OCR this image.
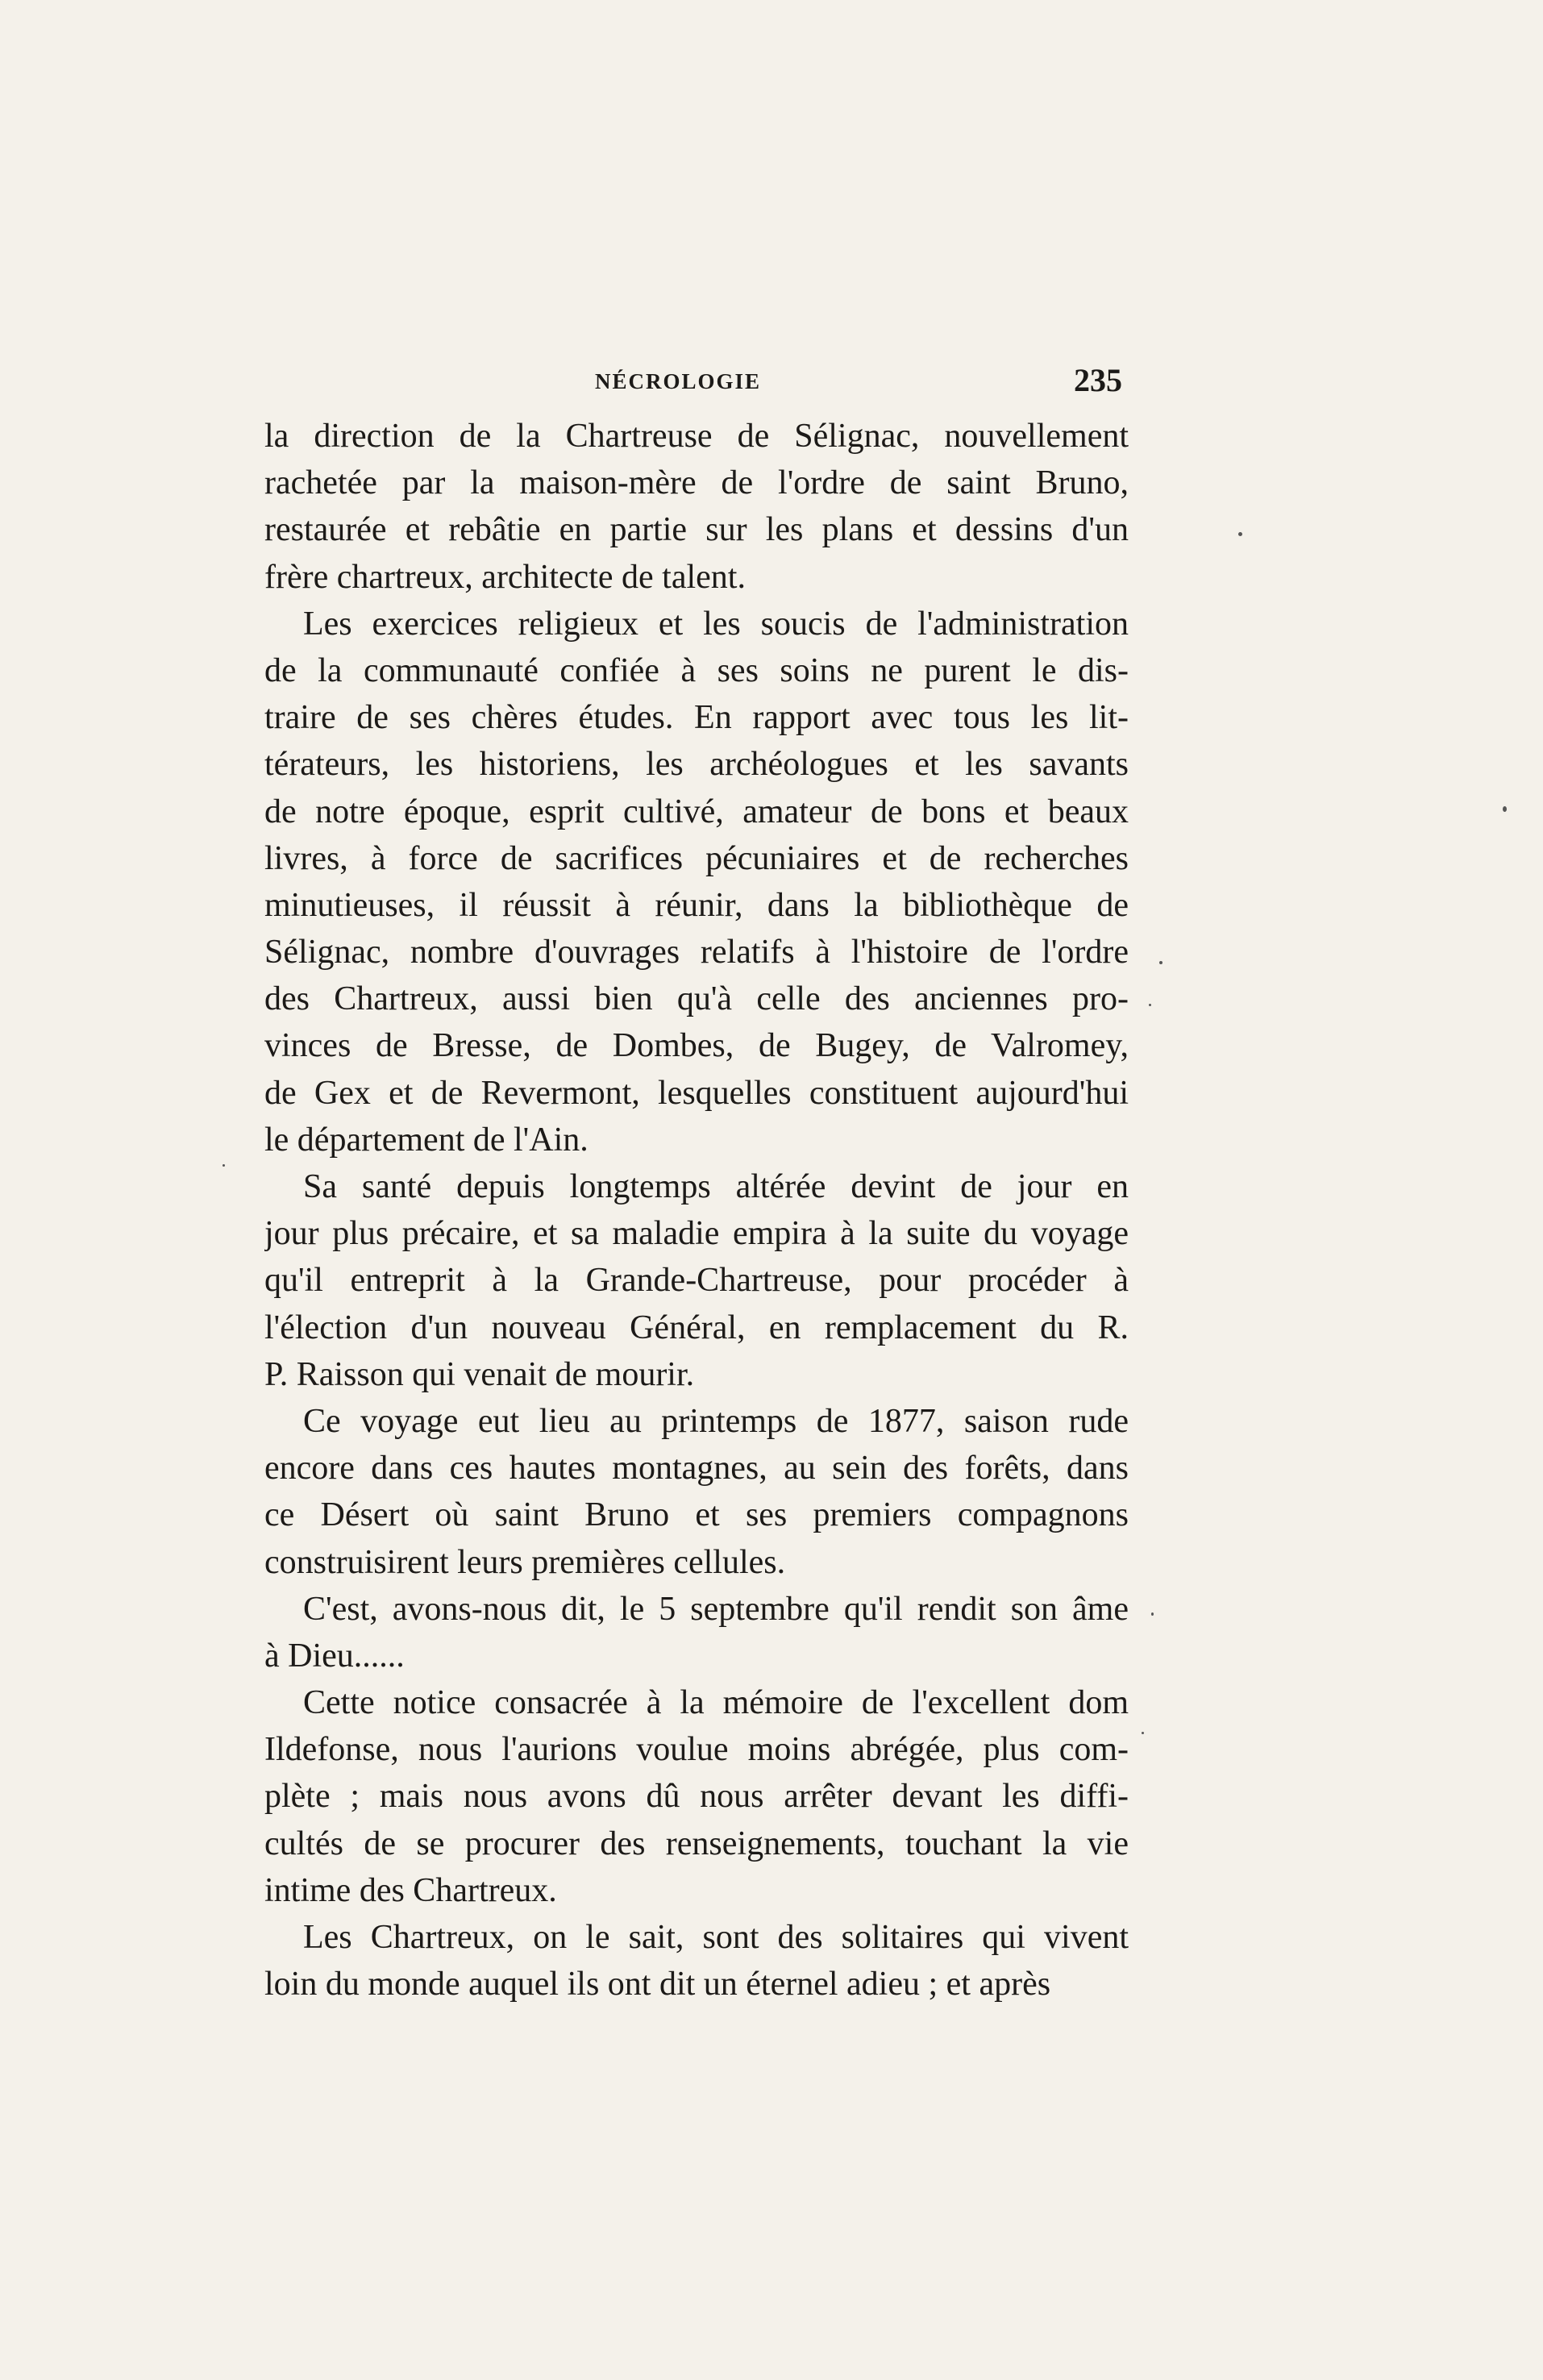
NÉCROLOGIE	235
la direction de la Chartreuse de Sélignac, nouvellement
rachetée par la maison-mère de l'ordre de saint Bruno,
restaurée et rebâtie en partie sur les plans et dessins d'un
frère chartreux, architecte de talent.
Les exercices religieux et les soucis de l'administration
de la communauté confiée à ses soins ne purent le dis-
traire de ses chères études. En rapport avec tous les lit-
térateurs, les historiens, les archéologues et les savants
de notre époque, esprit cultivé, amateur de bons et beaux
livres, à force de sacrifices pécuniaires et de recherches
minutieuses, il réussit à réunir, dans la bibliothèque de
Sélignac, nombre d'ouvrages relatifs à l'histoire de l'ordre
des Chartreux, aussi bien qu'à celle des anciennes pro-
vinces de Bresse, de Dombes, de Bugey, de Valromey,
de Gex et de Revermont, lesquelles constituent aujourd'hui
le département de l'Ain.
Sa santé depuis longtemps altérée devint de jour en
jour plus précaire, et sa maladie empira à la suite du voyage
qu'il entreprit à la Grande-Chartreuse, pour procéder à
l'élection d'un nouveau Général, en remplacement du R.
P. Raisson qui venait de mourir.
Ce voyage eut lieu au printemps de 1877, saison rude
encore dans ces hautes montagnes, au sein des forêts, dans
ce Désert où saint Bruno et ses premiers compagnons
construisirent leurs premières cellules.
C'est, avons-nous dit, le 5 septembre qu'il rendit son âme
à Dieu......
Cette notice consacrée à la mémoire de l'excellent dom
Ildefonse, nous l'aurions voulue moins abrégée, plus com-
plète ; mais nous avons dû nous arrêter devant les diffi-
cultés de se procurer des renseignements, touchant la vie
intime des Chartreux.
Les Chartreux, on le sait, sont des solitaires qui vivent
loin du monde auquel ils ont dit un éternel adieu ; et après
